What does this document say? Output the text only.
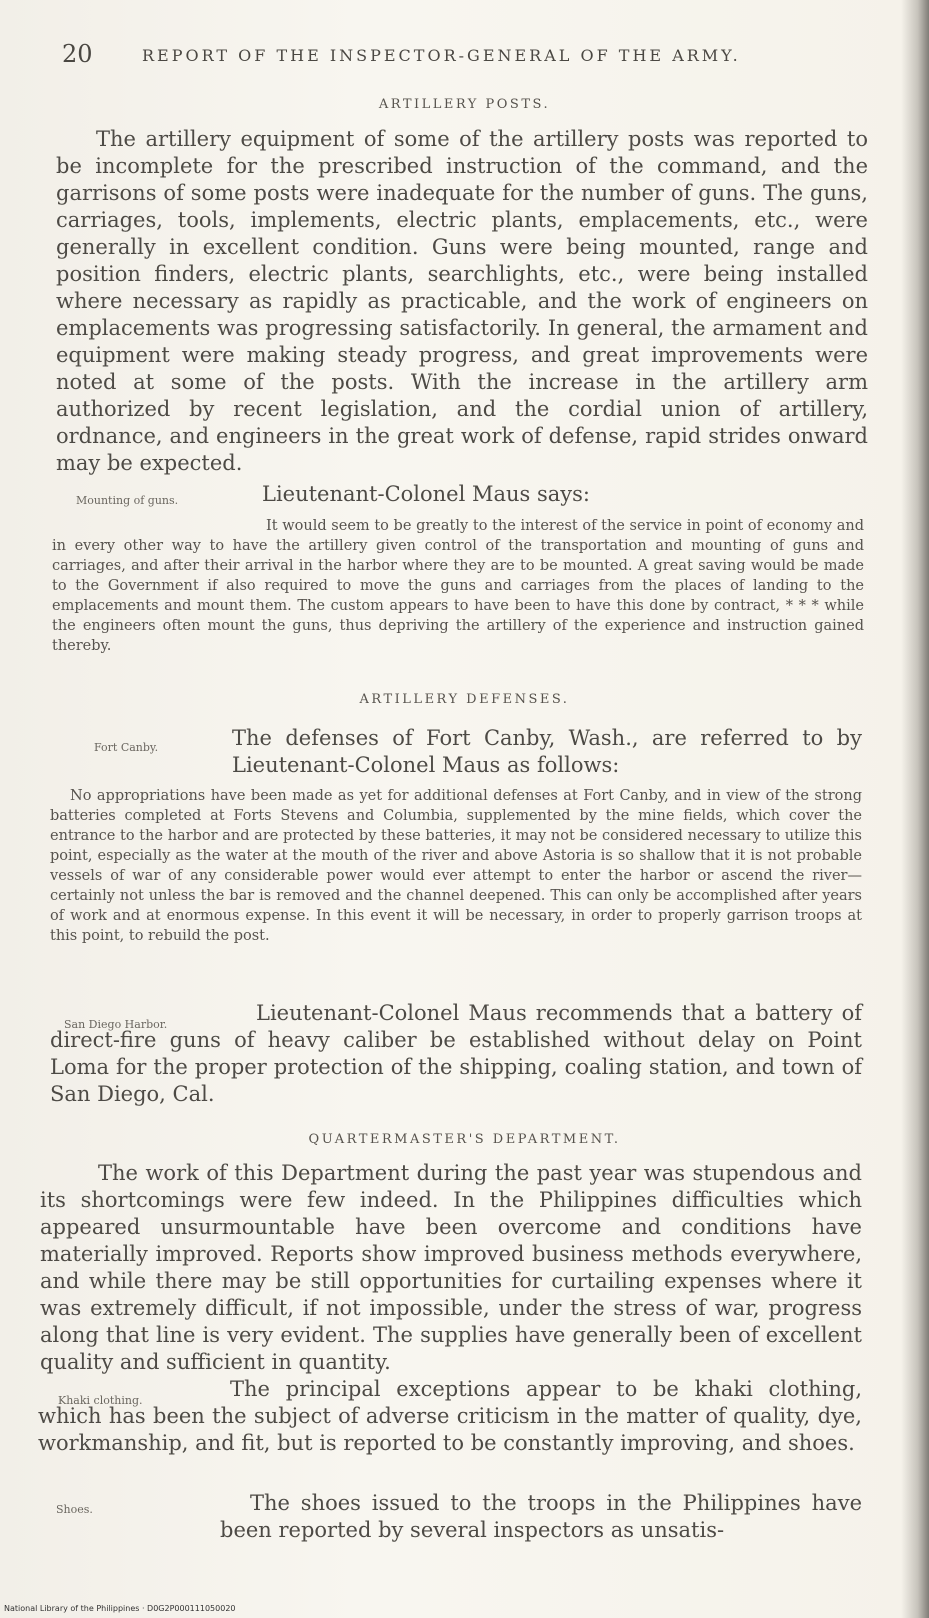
20	REPORT OF THE INSPECTOR-GENERAL OF THE ARMY.
ARTILLERY POSTS.
The artillery equipment of some of the artillery posts was reported to be incomplete for the prescribed instruction of the command, and the garrisons of some posts were inadequate for the number of guns. The guns, carriages, tools, implements, electric plants, emplacements, etc., were generally in excellent condition. Guns were being mounted, range and position finders, electric plants, searchlights, etc., were being installed where necessary as rapidly as practicable, and the work of engineers on emplacements was progressing satisfactorily. In general, the armament and equipment were making steady progress, and great improvements were noted at some of the posts. With the increase in the artillery arm authorized by recent legislation, and the cordial union of artillery, ordnance, and engineers in the great work of defense, rapid strides onward may be expected.
Mounting of guns.	Lieutenant-Colonel Maus says:
It would seem to be greatly to the interest of the service in point of economy and in every other way to have the artillery given control of the transportation and mounting of guns and carriages, and after their arrival in the harbor where they are to be mounted. A great saving would be made to the Government if also required to move the guns and carriages from the places of landing to the emplacements and mount them. The custom appears to have been to have this done by contract, * * * while the engineers often mount the guns, thus depriving the artillery of the experience and instruction gained thereby.
ARTILLERY DEFENSES.
Fort Canby.	The defenses of Fort Canby, Wash., are referred to by Lieutenant-Colonel Maus as follows:
No appropriations have been made as yet for additional defenses at Fort Canby, and in view of the strong batteries completed at Forts Stevens and Columbia, supplemented by the mine fields, which cover the entrance to the harbor and are protected by these batteries, it may not be considered necessary to utilize this point, especially as the water at the mouth of the river and above Astoria is so shallow that it is not probable vessels of war of any considerable power would ever attempt to enter the harbor or ascend the river—certainly not unless the bar is removed and the channel deepened. This can only be accomplished after years of work and at enormous expense. In this event it will be necessary, in order to properly garrison troops at this point, to rebuild the post.
San Diego Harbor.	Lieutenant-Colonel Maus recommends that a battery of direct-fire guns of heavy caliber be established without delay on Point Loma for the proper protection of the shipping, coaling station, and town of San Diego, Cal.
QUARTERMASTER'S DEPARTMENT.
The work of this Department during the past year was stupendous and its shortcomings were few indeed. In the Philippines difficulties which appeared unsurmountable have been overcome and conditions have materially improved. Reports show improved business methods everywhere, and while there may be still opportunities for curtailing expenses where it was extremely difficult, if not impossible, under the stress of war, progress along that line is very evident. The supplies have generally been of excellent quality and sufficient in quantity.
Khaki clothing.	The principal exceptions appear to be khaki clothing, which has been the subject of adverse criticism in the matter of quality, dye, workmanship, and fit, but is reported to be constantly improving, and shoes.
Shoes.	The shoes issued to the troops in the Philippines have been reported by several inspectors as unsatis-
National Library of the Philippines · D0G2P000111050020
